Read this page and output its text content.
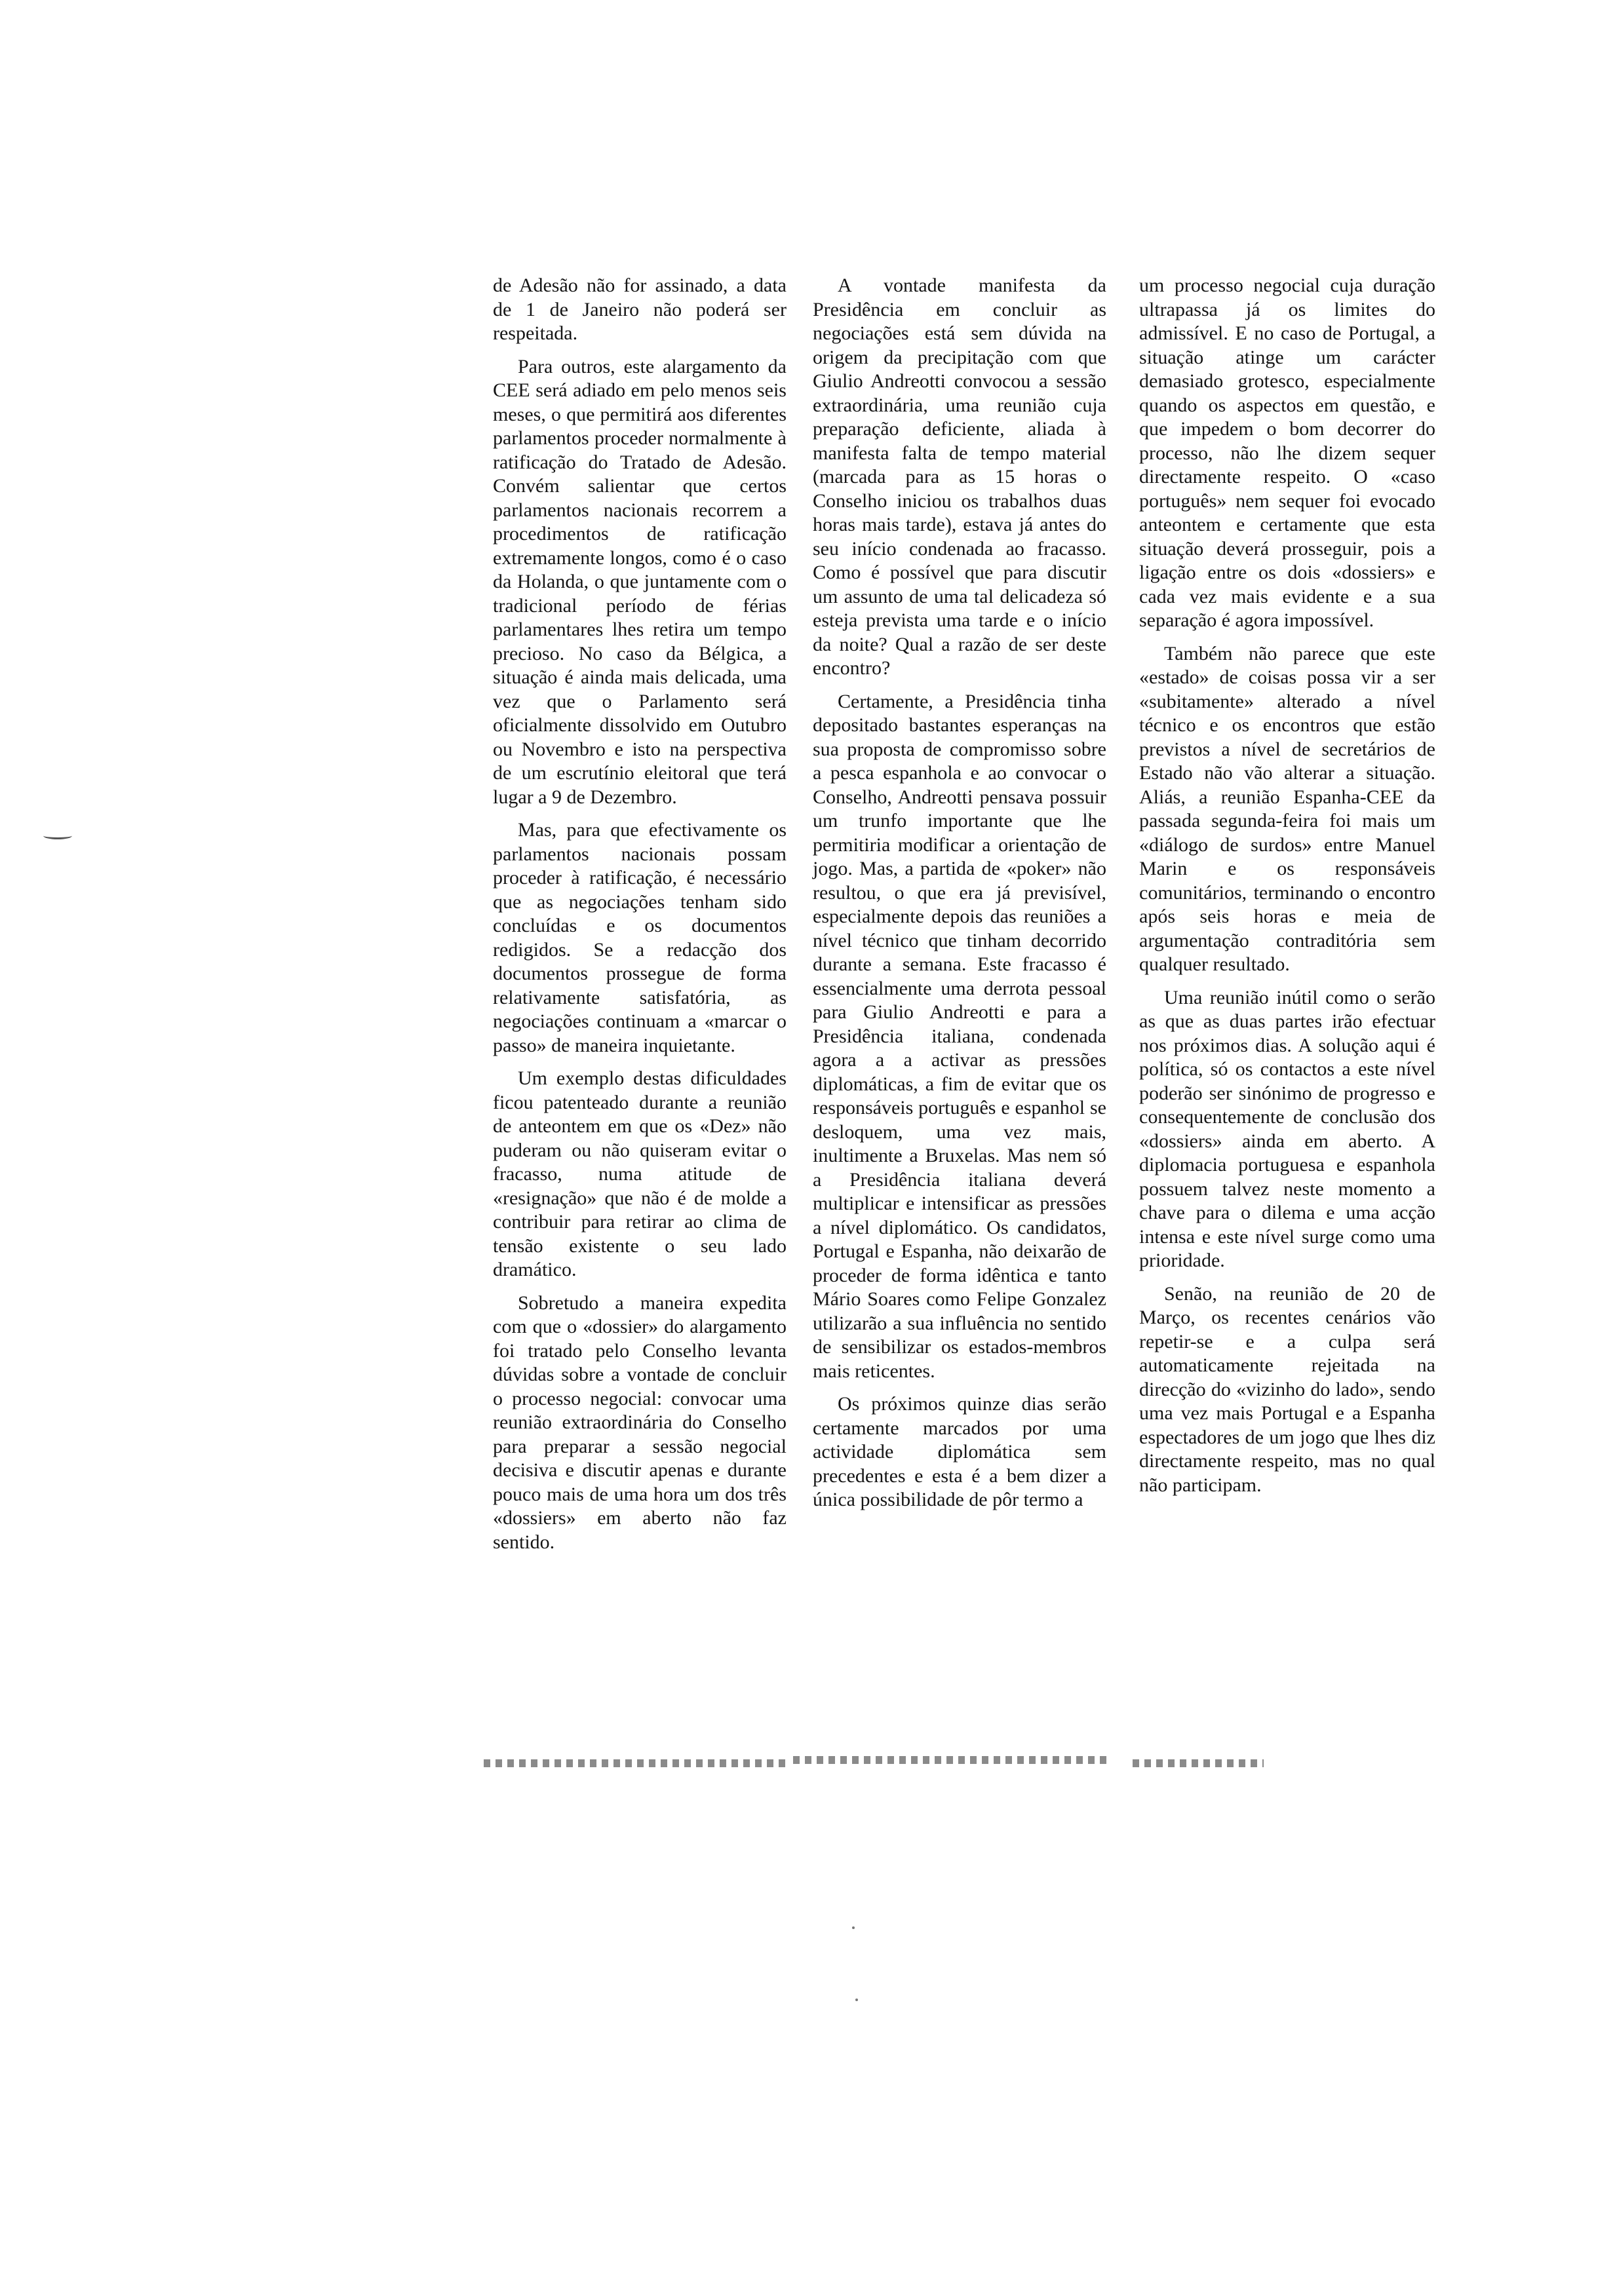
de Adesão não for assinado, a data de 1 de Janeiro não poderá ser respeitada.

Para outros, este alargamento da CEE será adiado em pelo menos seis meses, o que permitirá aos diferentes parlamentos proceder normalmente à ratificação do Tratado de Adesão. Convém salientar que certos parlamentos nacionais recorrem a procedimentos de ratificação extremamente longos, como é o caso da Holanda, o que juntamente com o tradicional período de férias parlamentares lhes retira um tempo precioso. No caso da Bélgica, a situação é ainda mais delicada, uma vez que o Parlamento será oficialmente dissolvido em Outubro ou Novembro e isto na perspectiva de um escrutínio eleitoral que terá lugar a 9 de Dezembro.

Mas, para que efectivamente os parlamentos nacionais possam proceder à ratificação, é necessário que as negociações tenham sido concluídas e os documentos redigidos. Se a redacção dos documentos prossegue de forma relativamente satisfatória, as negociações continuam a «marcar o passo» de maneira inquietante.

Um exemplo destas dificuldades ficou patenteado durante a reunião de anteontem em que os «Dez» não puderam ou não quiseram evitar o fracasso, numa atitude de «resignação» que não é de molde a contribuir para retirar ao clima de tensão existente o seu lado dramático.

Sobretudo a maneira expedita com que o «dossier» do alargamento foi tratado pelo Conselho levanta dúvidas sobre a vontade de concluir o processo negocial: convocar uma reunião extraordinária do Conselho para preparar a sessão negocial decisiva e discutir apenas e durante pouco mais de uma hora um dos três «dossiers» em aberto não faz sentido.

A vontade manifesta da Presidência em concluir as negociações está sem dúvida na origem da precipitação com que Giulio Andreotti convocou a sessão extraordinária, uma reunião cuja preparação deficiente, aliada à manifesta falta de tempo material (marcada para as 15 horas o Conselho iniciou os trabalhos duas horas mais tarde), estava já antes do seu início condenada ao fracasso. Como é possível que para discutir um assunto de uma tal delicadeza só esteja prevista uma tarde e o início da noite? Qual a razão de ser deste encontro?

Certamente, a Presidência tinha depositado bastantes esperanças na sua proposta de compromisso sobre a pesca espanhola e ao convocar o Conselho, Andreotti pensava possuir um trunfo importante que lhe permitiria modificar a orientação de jogo. Mas, a partida de «poker» não resultou, o que era já previsível, especialmente depois das reuniões a nível técnico que tinham decorrido durante a semana. Este fracasso é essencialmente uma derrota pessoal para Giulio Andreotti e para a Presidência italiana, condenada agora a a activar as pressões diplomáticas, a fim de evitar que os responsáveis português e espanhol se desloquem, uma vez mais, inultimente a Bruxelas. Mas nem só a Presidência italiana deverá multiplicar e intensificar as pressões a nível diplomático. Os candidatos, Portugal e Espanha, não deixarão de proceder de forma idêntica e tanto Mário Soares como Felipe Gonzalez utilizarão a sua influência no sentido de sensibilizar os estados-membros mais reticentes.

Os próximos quinze dias serão certamente marcados por uma actividade diplomática sem precedentes e esta é a bem dizer a única possibilidade de pôr termo a

um processo negocial cuja duração ultrapassa já os limites do admissível. E no caso de Portugal, a situação atinge um carácter demasiado grotesco, especialmente quando os aspectos em questão, e que impedem o bom decorrer do processo, não lhe dizem sequer directamente respeito. O «caso português» nem sequer foi evocado anteontem e certamente que esta situação deverá prosseguir, pois a ligação entre os dois «dossiers» e cada vez mais evidente e a sua separação é agora impossível.

Também não parece que este «estado» de coisas possa vir a ser «subitamente» alterado a nível técnico e os encontros que estão previstos a nível de secretários de Estado não vão alterar a situação. Aliás, a reunião Espanha-CEE da passada segunda-feira foi mais um «diálogo de surdos» entre Manuel Marin e os responsáveis comunitários, terminando o encontro após seis horas e meia de argumentação contraditória sem qualquer resultado.

Uma reunião inútil como o serão as que as duas partes irão efectuar nos próximos dias. A solução aqui é política, só os contactos a este nível poderão ser sinónimo de progresso e consequentemente de conclusão dos «dossiers» ainda em aberto. A diplomacia portuguesa e espanhola possuem talvez neste momento a chave para o dilema e uma acção intensa e este nível surge como uma prioridade.

Senão, na reunião de 20 de Março, os recentes cenários vão repetir-se e a culpa será automaticamente rejeitada na direcção do «vizinho do lado», sendo uma vez mais Portugal e a Espanha espectadores de um jogo que lhes diz directamente respeito, mas no qual não participam.
